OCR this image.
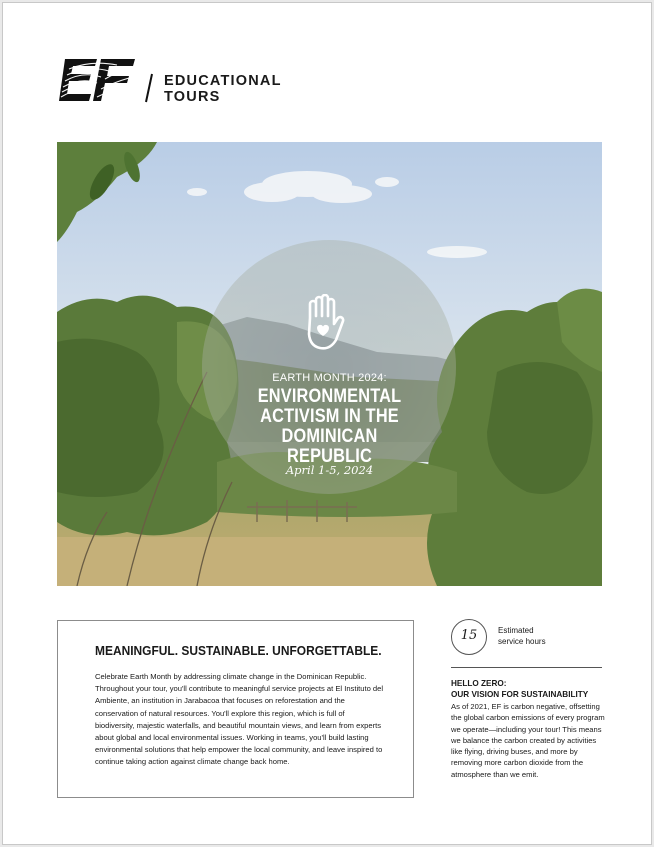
EDUCATIONAL
TOURS
EARTH MONTH 2024:
ENVIRONMENTAL
ACTIVISM IN THE
DOMINICAN REPUBLIC
April 1-5, 2024
MEANINGFUL. SUSTAINABLE. UNFORGETTABLE.
Celebrate Earth Month by addressing climate change in the Dominican Republic. Throughout your tour, you'll contribute to meaningful service projects at El Instituto del Ambiente, an institution in Jarabacoa that focuses on reforestation and the conservation of natural resources. You'll explore this region, which is full of biodiversity, majestic waterfalls, and beautiful mountain views, and learn from experts about global and local environmental issues. Working in teams, you'll build lasting environmental solutions that help empower the local community, and leave inspired to continue taking action against climate change back home.
15	Estimated
service hours
HELLO ZERO:
OUR VISION FOR SUSTAINABILITY
As of 2021, EF is carbon negative, offsetting the global carbon emissions of every program we operate—including your tour! This means we balance the carbon created by activities like flying, driving buses, and more by removing more carbon dioxide from the atmosphere than we emit.
